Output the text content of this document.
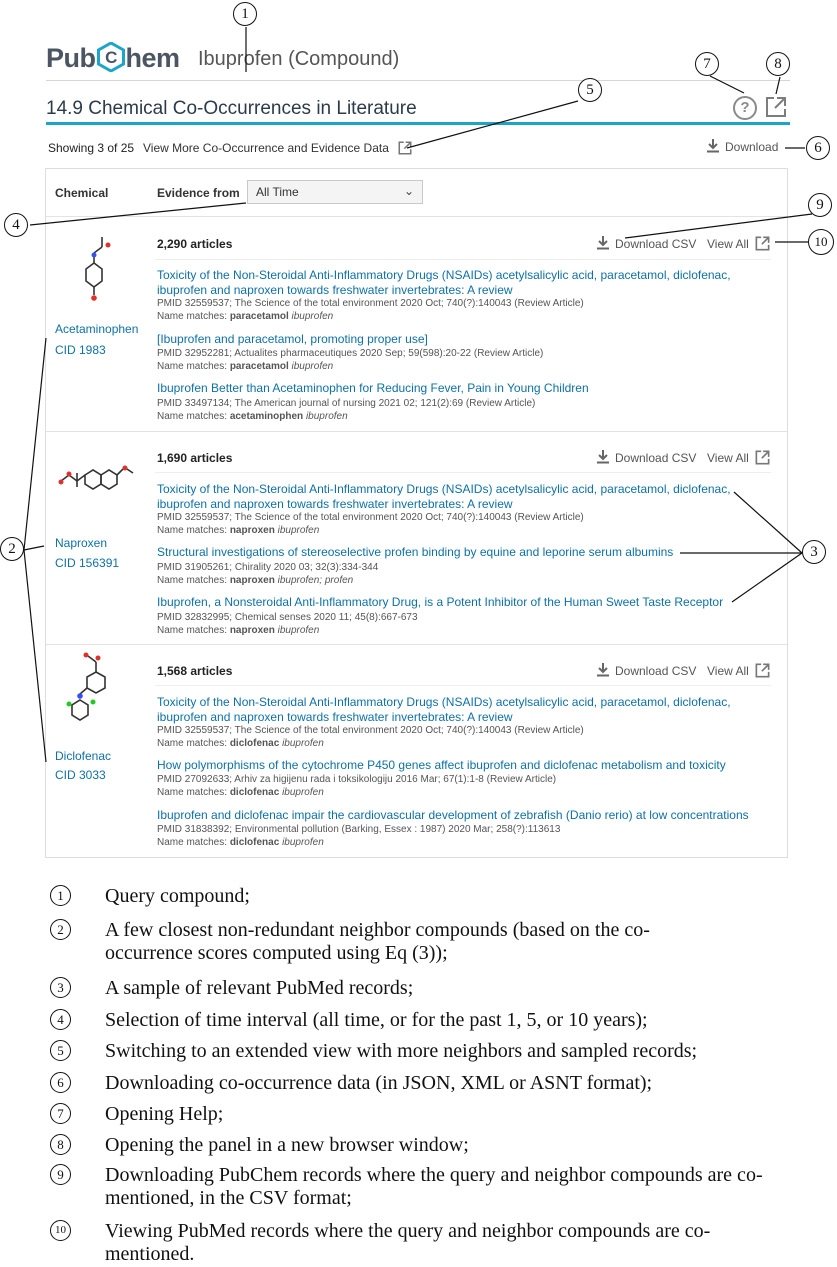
Pub C hem Ibuprofen (Compound)
14.9 Chemical Co-Occurrences in Literature	?
Showing 3 of 25 View More Co-Occurrence and Evidence Data	Download
Chemical	Evidence from	All Time	⌄
Acetaminophen
CID 1983
2,290 articles	Download CSV View All
Toxicity of the Non-Steroidal Anti-Inflammatory Drugs (NSAIDs) acetylsalicylic acid, paracetamol, diclofenac, ibuprofen and naproxen towards freshwater invertebrates: A review
PMID 32559537; The Science of the total environment 2020 Oct; 740(?):140043 (Review Article)
Name matches: paracetamol ibuprofen
[Ibuprofen and paracetamol, promoting proper use]
PMID 32952281; Actualites pharmaceutiques 2020 Sep; 59(598):20-22 (Review Article)
Name matches: paracetamol ibuprofen
Ibuprofen Better than Acetaminophen for Reducing Fever, Pain in Young Children
PMID 33497134; The American journal of nursing 2021 02; 121(2):69 (Review Article)
Name matches: acetaminophen ibuprofen
Naproxen
CID 156391
1,690 articles	Download CSV View All
Toxicity of the Non-Steroidal Anti-Inflammatory Drugs (NSAIDs) acetylsalicylic acid, paracetamol, diclofenac, ibuprofen and naproxen towards freshwater invertebrates: A review
PMID 32559537; The Science of the total environment 2020 Oct; 740(?):140043 (Review Article)
Name matches: naproxen ibuprofen
Structural investigations of stereoselective profen binding by equine and leporine serum albumins
PMID 31905261; Chirality 2020 03; 32(3):334-344
Name matches: naproxen ibuprofen; profen
Ibuprofen, a Nonsteroidal Anti-Inflammatory Drug, is a Potent Inhibitor of the Human Sweet Taste Receptor
PMID 32832995; Chemical senses 2020 11; 45(8):667-673
Name matches: naproxen ibuprofen
Diclofenac
CID 3033
1,568 articles	Download CSV View All
Toxicity of the Non-Steroidal Anti-Inflammatory Drugs (NSAIDs) acetylsalicylic acid, paracetamol, diclofenac, ibuprofen and naproxen towards freshwater invertebrates: A review
PMID 32559537; The Science of the total environment 2020 Oct; 740(?):140043 (Review Article)
Name matches: diclofenac ibuprofen
How polymorphisms of the cytochrome P450 genes affect ibuprofen and diclofenac metabolism and toxicity
PMID 27092633; Arhiv za higijenu rada i toksikologiju 2016 Mar; 67(1):1-8 (Review Article)
Name matches: diclofenac ibuprofen
Ibuprofen and diclofenac impair the cardiovascular development of zebrafish (Danio rerio) at low concentrations
PMID 31838392; Environmental pollution (Barking, Essex : 1987) 2020 Mar; 258(?):113613
Name matches: diclofenac ibuprofen
1
2	3
4
5
6
7	8
9
10
1	Query compound;
2	A few closest non-redundant neighbor compounds (based on the co-occurrence scores computed using Eq (3));
3	A sample of relevant PubMed records;
4	Selection of time interval (all time, or for the past 1, 5, or 10 years);
5	Switching to an extended view with more neighbors and sampled records;
6	Downloading co-occurrence data (in JSON, XML or ASNT format);
7	Opening Help;
8	Opening the panel in a new browser window;
9	Downloading PubChem records where the query and neighbor compounds are co-mentioned, in the CSV format;
10 Viewing PubMed records where the query and neighbor compounds are co-mentioned.
